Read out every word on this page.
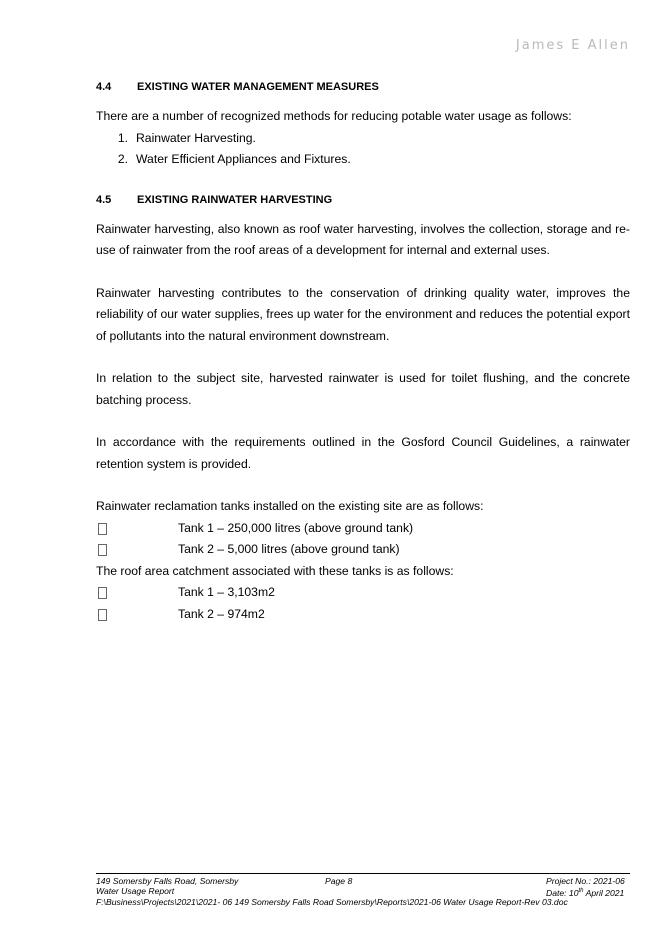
James E Allen
4.4	EXISTING WATER MANAGEMENT MEASURES

There are a number of recognized methods for reducing potable water usage as follows:

1. Rainwater Harvesting.
2. Water Efficient Appliances and Fixtures.
4.5	EXISTING RAINWATER HARVESTING

Rainwater harvesting, also known as roof water harvesting, involves the collection, storage and re-use of rainwater from the roof areas of a development for internal and external uses.

Rainwater harvesting contributes to the conservation of drinking quality water, improves the reliability of our water supplies, frees up water for the environment and reduces the potential export of pollutants into the natural environment downstream.

In relation to the subject site, harvested rainwater is used for toilet flushing, and the concrete batching process.

In accordance with the requirements outlined in the Gosford Council Guidelines, a rainwater retention system is provided.

Rainwater reclamation tanks installed on the existing site are as follows:

Tank 1 – 250,000 litres (above ground tank)
Tank 2 – 5,000 litres (above ground tank)

The roof area catchment associated with these tanks is as follows:

Tank 1 – 3,103m2
Tank 2 – 974m2
149 Somersby Falls Road, Somersby	Page 8	Project No.: 2021-06
Water Usage Report	Date: 10th April 2021
F:\Business\Projects\2021\2021- 06 149 Somersby Falls Road Somersby\Reports\2021-06 Water Usage Report-Rev 03.doc
